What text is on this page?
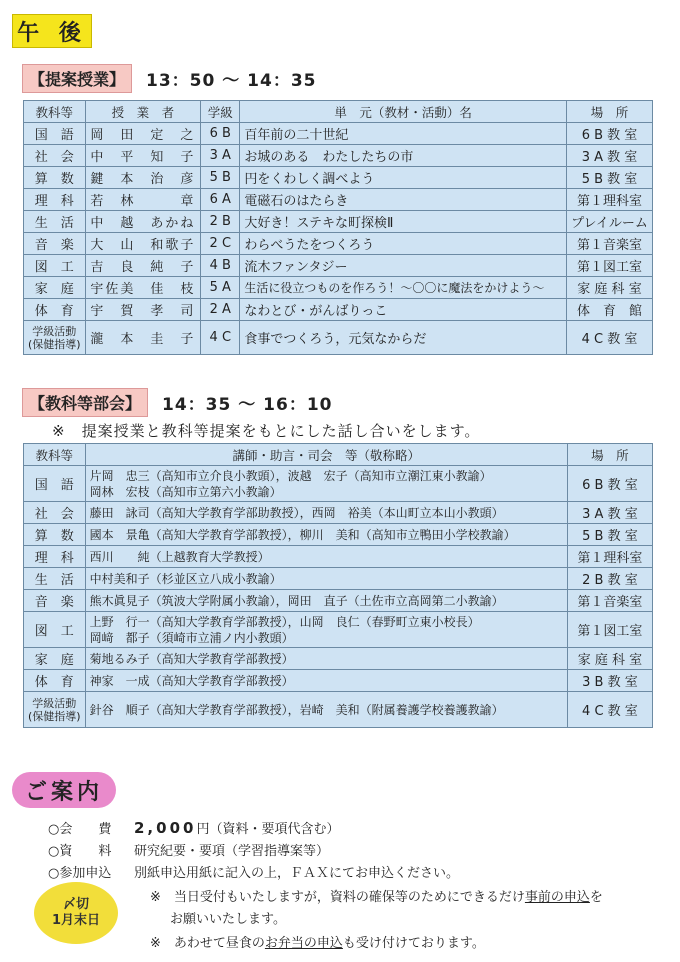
午 後
【提案授業】	13：50 〜 14：35
教科等	授　業　者	学級	単　元（教材・活動）名	場　所
国　語	岡　田　定　之	6 B	百年前の二十世紀	6 B 教 室
社　会	中　平　知　子	3 A	お城のある　わたしたちの市	3 A 教 室
算　数	鍵　本　治　彦	5 B	円をくわしく調べよう	5 B 教 室
理　科	若　林　　　章	6 A	電磁石のはたらき	第１理科室
生　活	中　越　あかね	2 B	大好き！ステキな町探検Ⅱ	プレイルーム
音　楽	大　山　和歌子	2 C	わらべうたをつくろう	第１音楽室
図　工	吉　良　純　子	4 B	流木ファンタジー	第１図工室
家　庭	宇佐美　佳　枝	5 A	生活に役立つものを作ろう！〜〇〇に魔法をかけよう〜	家 庭 科 室
体　育	宇　賀　孝　司	2 A	なわとび・がんばりっこ	体　育　館
学級活動
(保健指導)	瀧　本　圭　子	4 C	食事でつくろう，元気なからだ	4 C 教 室
【教科等部会】	14：35 〜 16：10
※　提案授業と教科等提案をもとにした話し合いをします。
教科等	講師・助言・司会　等（敬称略）	場　所
国　語	片岡　忠三（高知市立介良小教頭），波越　宏子（高知市立潮江東小教諭）
岡林　宏枝（高知市立第六小教諭）	6 B 教 室
社　会	藤田　詠司（高知大学教育学部助教授），西岡　裕美（本山町立本山小教頭）	3 A 教 室
算　数	國本　景亀（高知大学教育学部教授），柳川　美和（高知市立鴨田小学校教諭）	5 B 教 室
理　科	西川　　純（上越教育大学教授）	第１理科室
生　活	中村美和子（杉並区立八成小教諭）	2 B 教 室
音　楽	熊木眞見子（筑波大学附属小教諭），岡田　直子（土佐市立高岡第二小教諭）	第１音楽室
図　工	上野　行一（高知大学教育学部教授），山岡　良仁（春野町立東小校長）
岡﨑　都子（須崎市立浦ノ内小教頭）	第１図工室
家　庭	菊地るみ子（高知大学教育学部教授）	家 庭 科 室
体　育	神家　一成（高知大学教育学部教授）	3 B 教 室
学級活動
(保健指導)	針谷　順子（高知大学教育学部教授），岩崎　美和（附属養護学校養護教諭）	4 C 教 室
ご案内
○会　　費 2,000円（資料・要項代含む）
○資　　料 研究紀要・要項（学習指導案等）
○参加申込 別紙申込用紙に記入の上，ＦＡＸにてお申込ください。
※　当日受付もいたしますが，資料の確保等のためにできるだけ事前の申込を
お願いいたします。
※　あわせて昼食のお弁当の申込も受け付けております。
〆切
1月末日
